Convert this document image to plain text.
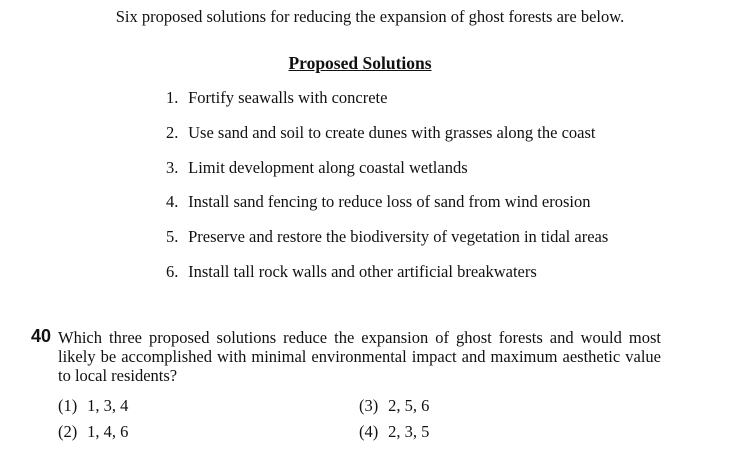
Six proposed solutions for reducing the expansion of ghost forests are below.
Proposed Solutions
1. Fortify seawalls with concrete
2. Use sand and soil to create dunes with grasses along the coast
3. Limit development along coastal wetlands
4. Install sand fencing to reduce loss of sand from wind erosion
5. Preserve and restore the biodiversity of vegetation in tidal areas
6. Install tall rock walls and other artificial breakwaters
40 Which three proposed solutions reduce the expansion of ghost forests and would most likely be accomplished with minimal environmental impact and maximum aesthetic value to local residents?
(1) 1, 3, 4
(2) 1, 4, 6
(3) 2, 5, 6
(4) 2, 3, 5
